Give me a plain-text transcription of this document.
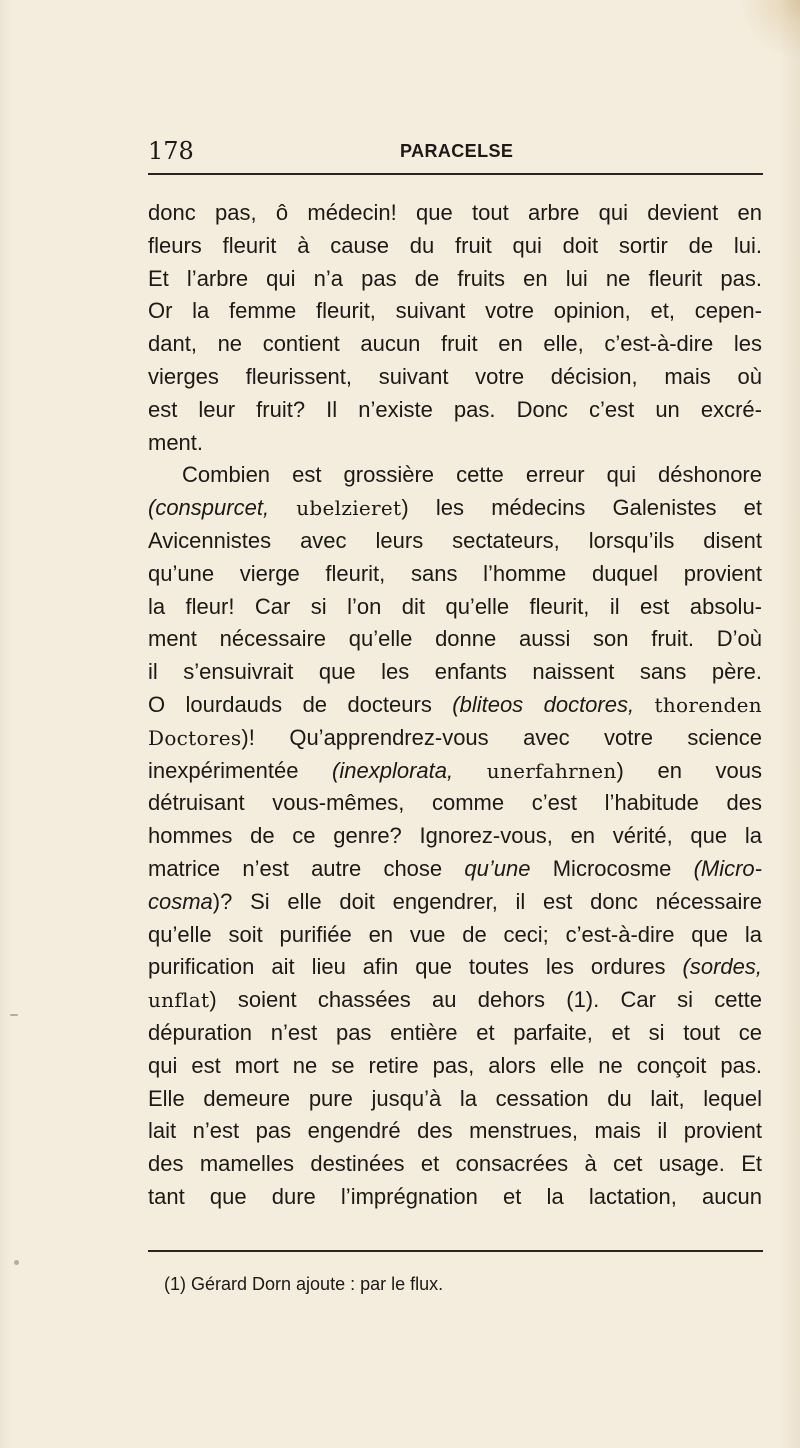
178	PARACELSE
donc pas, ô médecin! que tout arbre qui devient en
fleurs fleurit à cause du fruit qui doit sortir de lui.
Et l’arbre qui n’a pas de fruits en lui ne fleurit pas.
Or la femme fleurit, suivant votre opinion, et, cepen-
dant, ne contient aucun fruit en elle, c’est-à-dire les
vierges fleurissent, suivant votre décision, mais où
est leur fruit? Il n’existe pas. Donc c’est un excré-
ment.
Combien est grossière cette erreur qui déshonore
(conspurcet, ubelzieret) les médecins Galenistes et
Avicennistes avec leurs sectateurs, lorsqu’ils disent
qu’une vierge fleurit, sans l’homme duquel provient
la fleur! Car si l’on dit qu’elle fleurit, il est absolu-
ment nécessaire qu’elle donne aussi son fruit. D’où
il s’ensuivrait que les enfants naissent sans père.
O lourdauds de docteurs (bliteos doctores, thorenden
Doctores)! Qu’apprendrez-vous avec votre science
inexpérimentée (inexplorata, unerfahrnen) en vous
détruisant vous-mêmes, comme c’est l’habitude des
hommes de ce genre? Ignorez-vous, en vérité, que la
matrice n’est autre chose qu’une Microcosme (Micro-
cosma)? Si elle doit engendrer, il est donc nécessaire
qu’elle soit purifiée en vue de ceci; c’est-à-dire que la
purification ait lieu afin que toutes les ordures (sordes,
unflat) soient chassées au dehors (1). Car si cette
dépuration n’est pas entière et parfaite, et si tout ce
qui est mort ne se retire pas, alors elle ne conçoit pas.
Elle demeure pure jusqu’à la cessation du lait, lequel
lait n’est pas engendré des menstrues, mais il provient
des mamelles destinées et consacrées à cet usage. Et
tant que dure l’imprégnation et la lactation, aucun
(1) Gérard Dorn ajoute : par le flux.
